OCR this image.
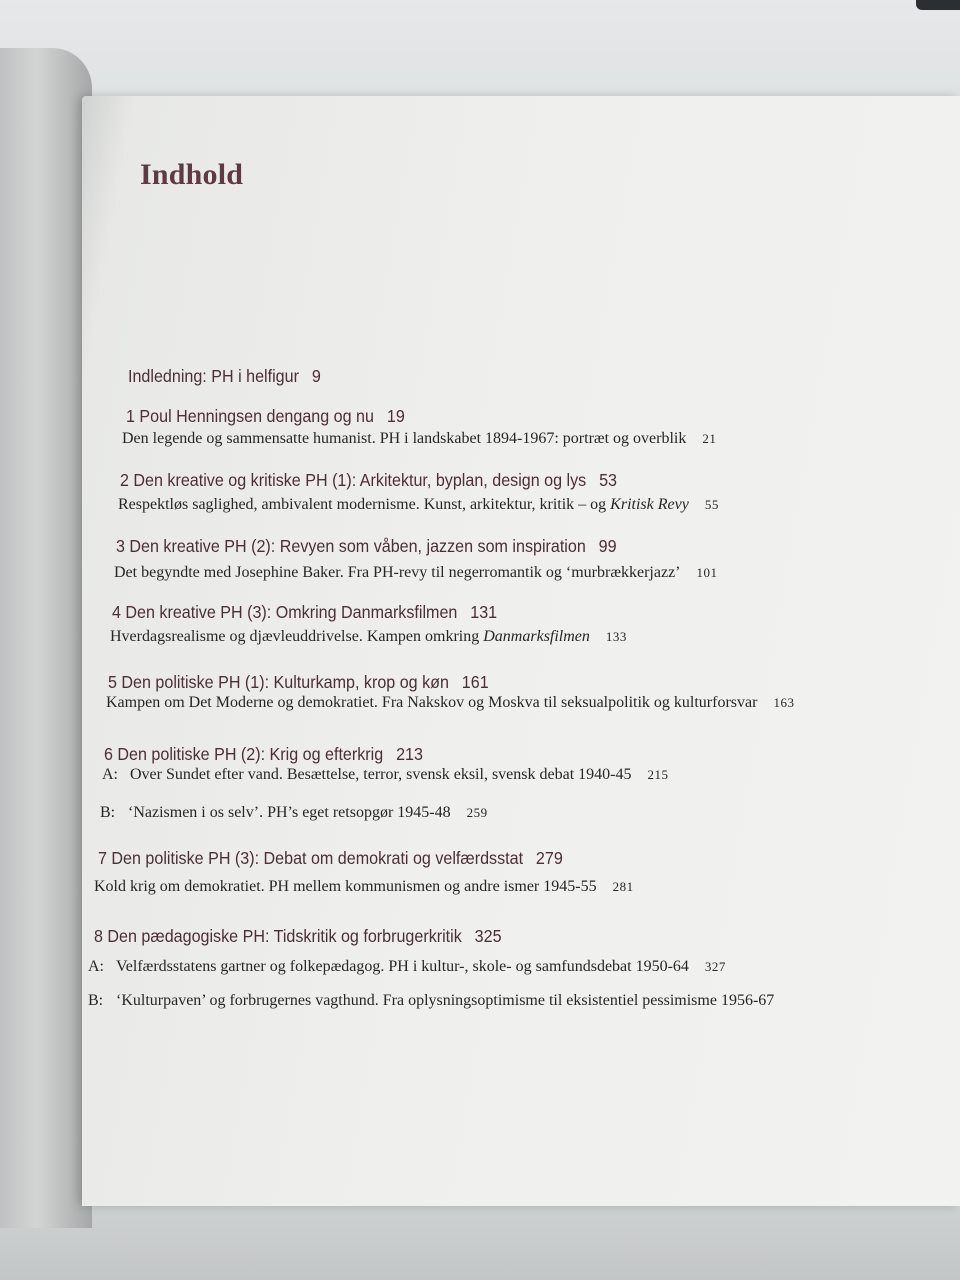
Indhold
Indledning: PH i helfigur 9
1 Poul Henningsen dengang og nu 19
Den legende og sammensatte humanist. PH i landskabet 1894-1967: portræt og overblik 21
2 Den kreative og kritiske PH (1): Arkitektur, byplan, design og lys 53
Respektløs saglighed, ambivalent modernisme. Kunst, arkitektur, kritik – og Kritisk Revy 55
3 Den kreative PH (2): Revyen som våben, jazzen som inspiration 99
Det begyndte med Josephine Baker. Fra PH-revy til negerromantik og ‘murbrækkerjazz’ 101
4 Den kreative PH (3): Omkring Danmarksfilmen 131
Hverdagsrealisme og djævleuddrivelse. Kampen omkring Danmarksfilmen 133
5 Den politiske PH (1): Kulturkamp, krop og køn 161
Kampen om Det Moderne og demokratiet. Fra Nakskov og Moskva til seksualpolitik og kulturforsvar 163
6 Den politiske PH (2): Krig og efterkrig 213
A: Over Sundet efter vand. Besættelse, terror, svensk eksil, svensk debat 1940-45 215
B: ‘Nazismen i os selv’. PH’s eget retsopgør 1945-48 259
7 Den politiske PH (3): Debat om demokrati og velfærdsstat 279
Kold krig om demokratiet. PH mellem kommunismen og andre ismer 1945-55 281
8 Den pædagogiske PH: Tidskritik og forbrugerkritik 325
A: Velfærdsstatens gartner og folkepædagog. PH i kultur-, skole- og samfundsdebat 1950-64 327
B: ‘Kulturpaven’ og forbrugernes vagthund. Fra oplysningsoptimisme til eksistentiel pessimisme 1956-67
